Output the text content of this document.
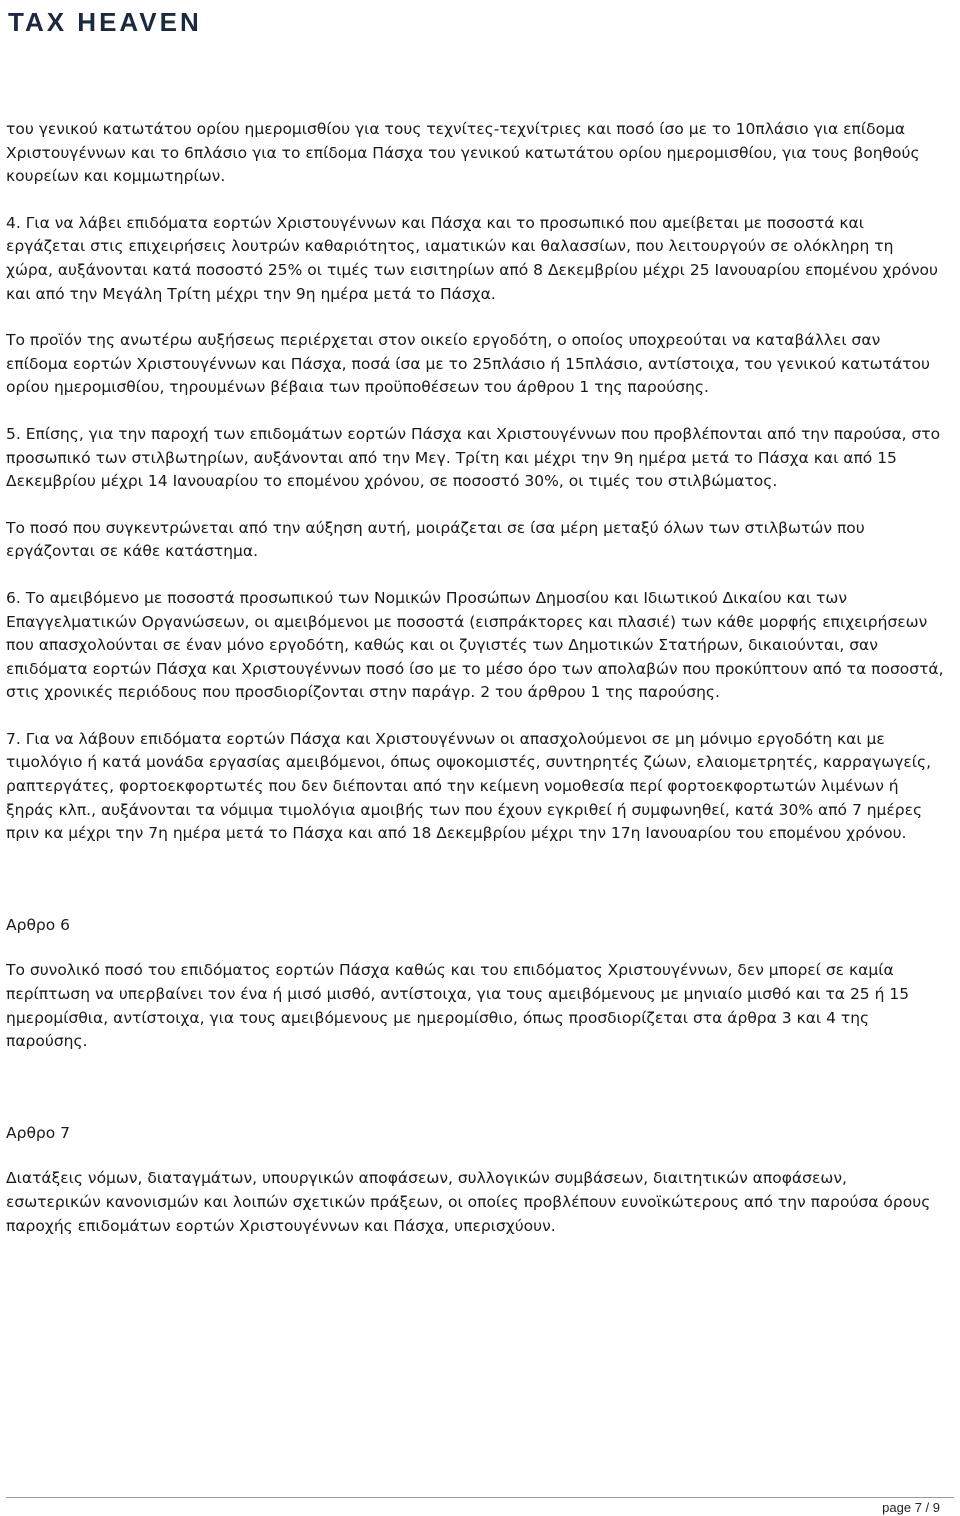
TAX HEAVEN

του γενικού κατωτάτου ορίου ημερομισθίου για τους τεχνίτες-τεχνίτριες και ποσό ίσο με το 10πλάσιο για επίδομα Χριστουγέννων και το 6πλάσιο για το επίδομα Πάσχα του γενικού κατωτάτου ορίου ημερομισθίου, για τους βοηθούς κουρείων και κομμωτηρίων.

4. Για να λάβει επιδόματα εορτών Χριστουγέννων και Πάσχα και το προσωπικό που αμείβεται με ποσοστά και εργάζεται στις επιχειρήσεις λουτρών καθαριότητος, ιαματικών και θαλασσίων, που λειτουργούν σε ολόκληρη τη χώρα, αυξάνονται κατά ποσοστό 25% οι τιμές των εισιτηρίων από 8 Δεκεμβρίου μέχρι 25 Ιανουαρίου επομένου χρόνου και από την Μεγάλη Τρίτη μέχρι την 9η ημέρα μετά το Πάσχα.

Το προϊόν της ανωτέρω αυξήσεως περιέρχεται στον οικείο εργοδότη, ο οποίος υποχρεούται να καταβάλλει σαν επίδομα εορτών Χριστουγέννων και Πάσχα, ποσά ίσα με το 25πλάσιο ή 15πλάσιο, αντίστοιχα, του γενικού κατωτάτου ορίου ημερομισθίου, τηρουμένων βέβαια των προϋποθέσεων του άρθρου 1 της παρούσης.

5. Επίσης, για την παροχή των επιδομάτων εορτών Πάσχα και Χριστουγέννων που προβλέπονται από την παρούσα, στο προσωπικό των στιλβωτηρίων, αυξάνονται από την Μεγ. Τρίτη και μέχρι την 9η ημέρα μετά το Πάσχα και από 15 Δεκεμβρίου μέχρι 14 Ιανουαρίου το επομένου χρόνου, σε ποσοστό 30%, οι τιμές του στιλβώματος.

Το ποσό που συγκεντρώνεται από την αύξηση αυτή, μοιράζεται σε ίσα μέρη μεταξύ όλων των στιλβωτών που εργάζονται σε κάθε κατάστημα.

6. Το αμειβόμενο με ποσοστά προσωπικού των Νομικών Προσώπων Δημοσίου και Ιδιωτικού Δικαίου και των Επαγγελματικών Οργανώσεων, οι αμειβόμενοι με ποσοστά (εισπράκτορες και πλασιέ) των κάθε μορφής επιχειρήσεων που απασχολούνται σε έναν μόνο εργοδότη, καθώς και οι ζυγιστές των Δημοτικών Στατήρων, δικαιούνται, σαν επιδόματα εορτών Πάσχα και Χριστουγέννων ποσό ίσο με το μέσο όρο των απολαβών που προκύπτουν από τα ποσοστά, στις χρονικές περιόδους που προσδιορίζονται στην παράγρ. 2 του άρθρου 1 της παρούσης.

7. Για να λάβουν επιδόματα εορτών Πάσχα και Χριστουγέννων οι απασχολούμενοι σε μη μόνιμο εργοδότη και με τιμολόγιο ή κατά μονάδα εργασίας αμειβόμενοι, όπως οψοκομιστές, συντηρητές ζώων, ελαιομετρητές, καρραγωγείς, ραπτεργάτες, φορτοεκφορτωτές που δεν διέπονται από την κείμενη νομοθεσία περί φορτοεκφορτωτών λιμένων ή ξηράς κλπ., αυξάνονται τα νόμιμα τιμολόγια αμοιβής των που έχουν εγκριθεί ή συμφωνηθεί, κατά 30% από 7 ημέρες πριν κα μέχρι την 7η ημέρα μετά το Πάσχα και από 18 Δεκεμβρίου μέχρι την 17η Ιανουαρίου του επομένου χρόνου.

Αρθρο 6

Το συνολικό ποσό του επιδόματος εορτών Πάσχα καθώς και του επιδόματος Χριστουγέννων, δεν μπορεί σε καμία περίπτωση να υπερβαίνει τον ένα ή μισό μισθό, αντίστοιχα, για τους αμειβόμενους με μηνιαίο μισθό και τα 25 ή 15 ημερομίσθια, αντίστοιχα, για τους αμειβόμενους με ημερομίσθιο, όπως προσδιορίζεται στα άρθρα 3 και 4 της παρούσης.

Αρθρο 7

Διατάξεις νόμων, διαταγμάτων, υπουργικών αποφάσεων, συλλογικών συμβάσεων, διαιτητικών αποφάσεων, εσωτερικών κανονισμών και λοιπών σχετικών πράξεων, οι οποίες προβλέπουν ευνοϊκώτερους από την παρούσα όρους παροχής επιδομάτων εορτών Χριστουγέννων και Πάσχα, υπερισχύουν.

page 7 / 9
